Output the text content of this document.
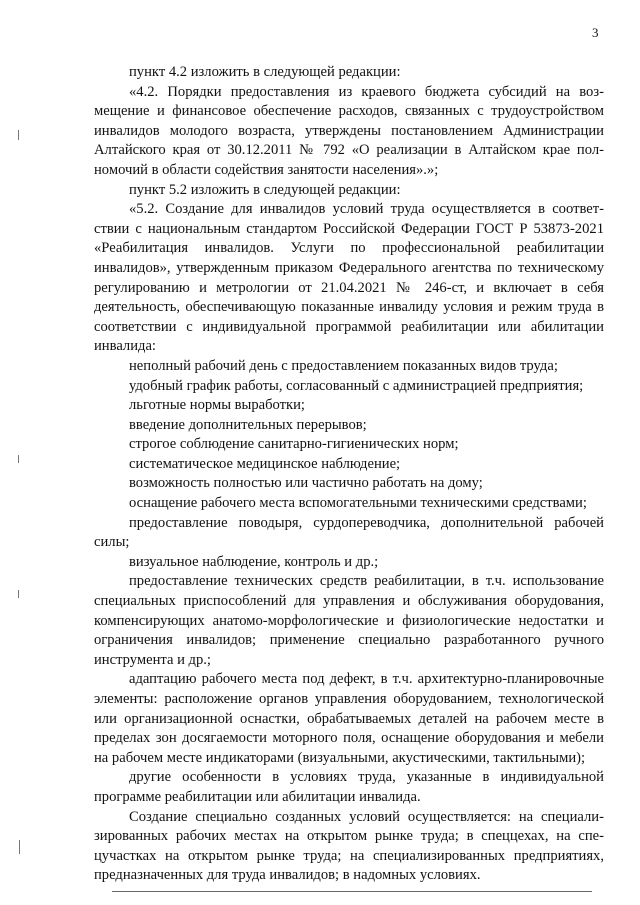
3

пункт 4.2 изложить в следующей редакции:

«4.2. Порядки предоставления из краевого бюджета субсидий на возмещение и финансовое обеспечение расходов, связанных с трудоустройством инвалидов молодого возраста, утверждены постановлением Администрации Алтайского края от 30.12.2011 № 792 «О реализации в Алтайском крае полномочий в области содействия занятости населения».»;

пункт 5.2 изложить в следующей редакции:

«5.2. Создание для инвалидов условий труда осуществляется в соответствии с национальным стандартом Российской Федерации ГОСТ Р 53873-2021 «Реабилитация инвалидов. Услуги по профессиональной реабилитации инвалидов», утвержденным приказом Федерального агентства по техническому регулированию и метрологии от 21.04.2021 № 246-ст, и включает в себя деятельность, обеспечивающую показанные инвалиду условия и режим труда в соответствии с индивидуальной программой реабилитации или абилитации инвалида:

неполный рабочий день с предоставлением показанных видов труда;

удобный график работы, согласованный с администрацией предприятия;

льготные нормы выработки;

введение дополнительных перерывов;

строгое соблюдение санитарно-гигиенических норм;

систематическое медицинское наблюдение;

возможность полностью или частично работать на дому;

оснащение рабочего места вспомогательными техническими средствами;

предоставление поводыря, сурдопереводчика, дополнительной рабочей силы;

визуальное наблюдение, контроль и др.;

предоставление технических средств реабилитации, в т.ч. использование специальных приспособлений для управления и обслуживания оборудования, компенсирующих анатомо-морфологические и физиологические недостатки и ограничения инвалидов; применение специально разработанного ручного инструмента и др.;

адаптацию рабочего места под дефект, в т.ч. архитектурно-планировочные элементы: расположение органов управления оборудованием, технологической или организационной оснастки, обрабатываемых деталей на рабочем месте в пределах зон досягаемости моторного поля, оснащение оборудования и мебели на рабочем месте индикаторами (визуальными, акустическими, тактильными);

другие особенности в условиях труда, указанные в индивидуальной программе реабилитации или абилитации инвалида.

Создание специально созданных условий осуществляется: на специализированных рабочих местах на открытом рынке труда; в спеццехах, на спецучастках на открытом рынке труда; на специализированных предприятиях, предназначенных для труда инвалидов; в надомных условиях.
